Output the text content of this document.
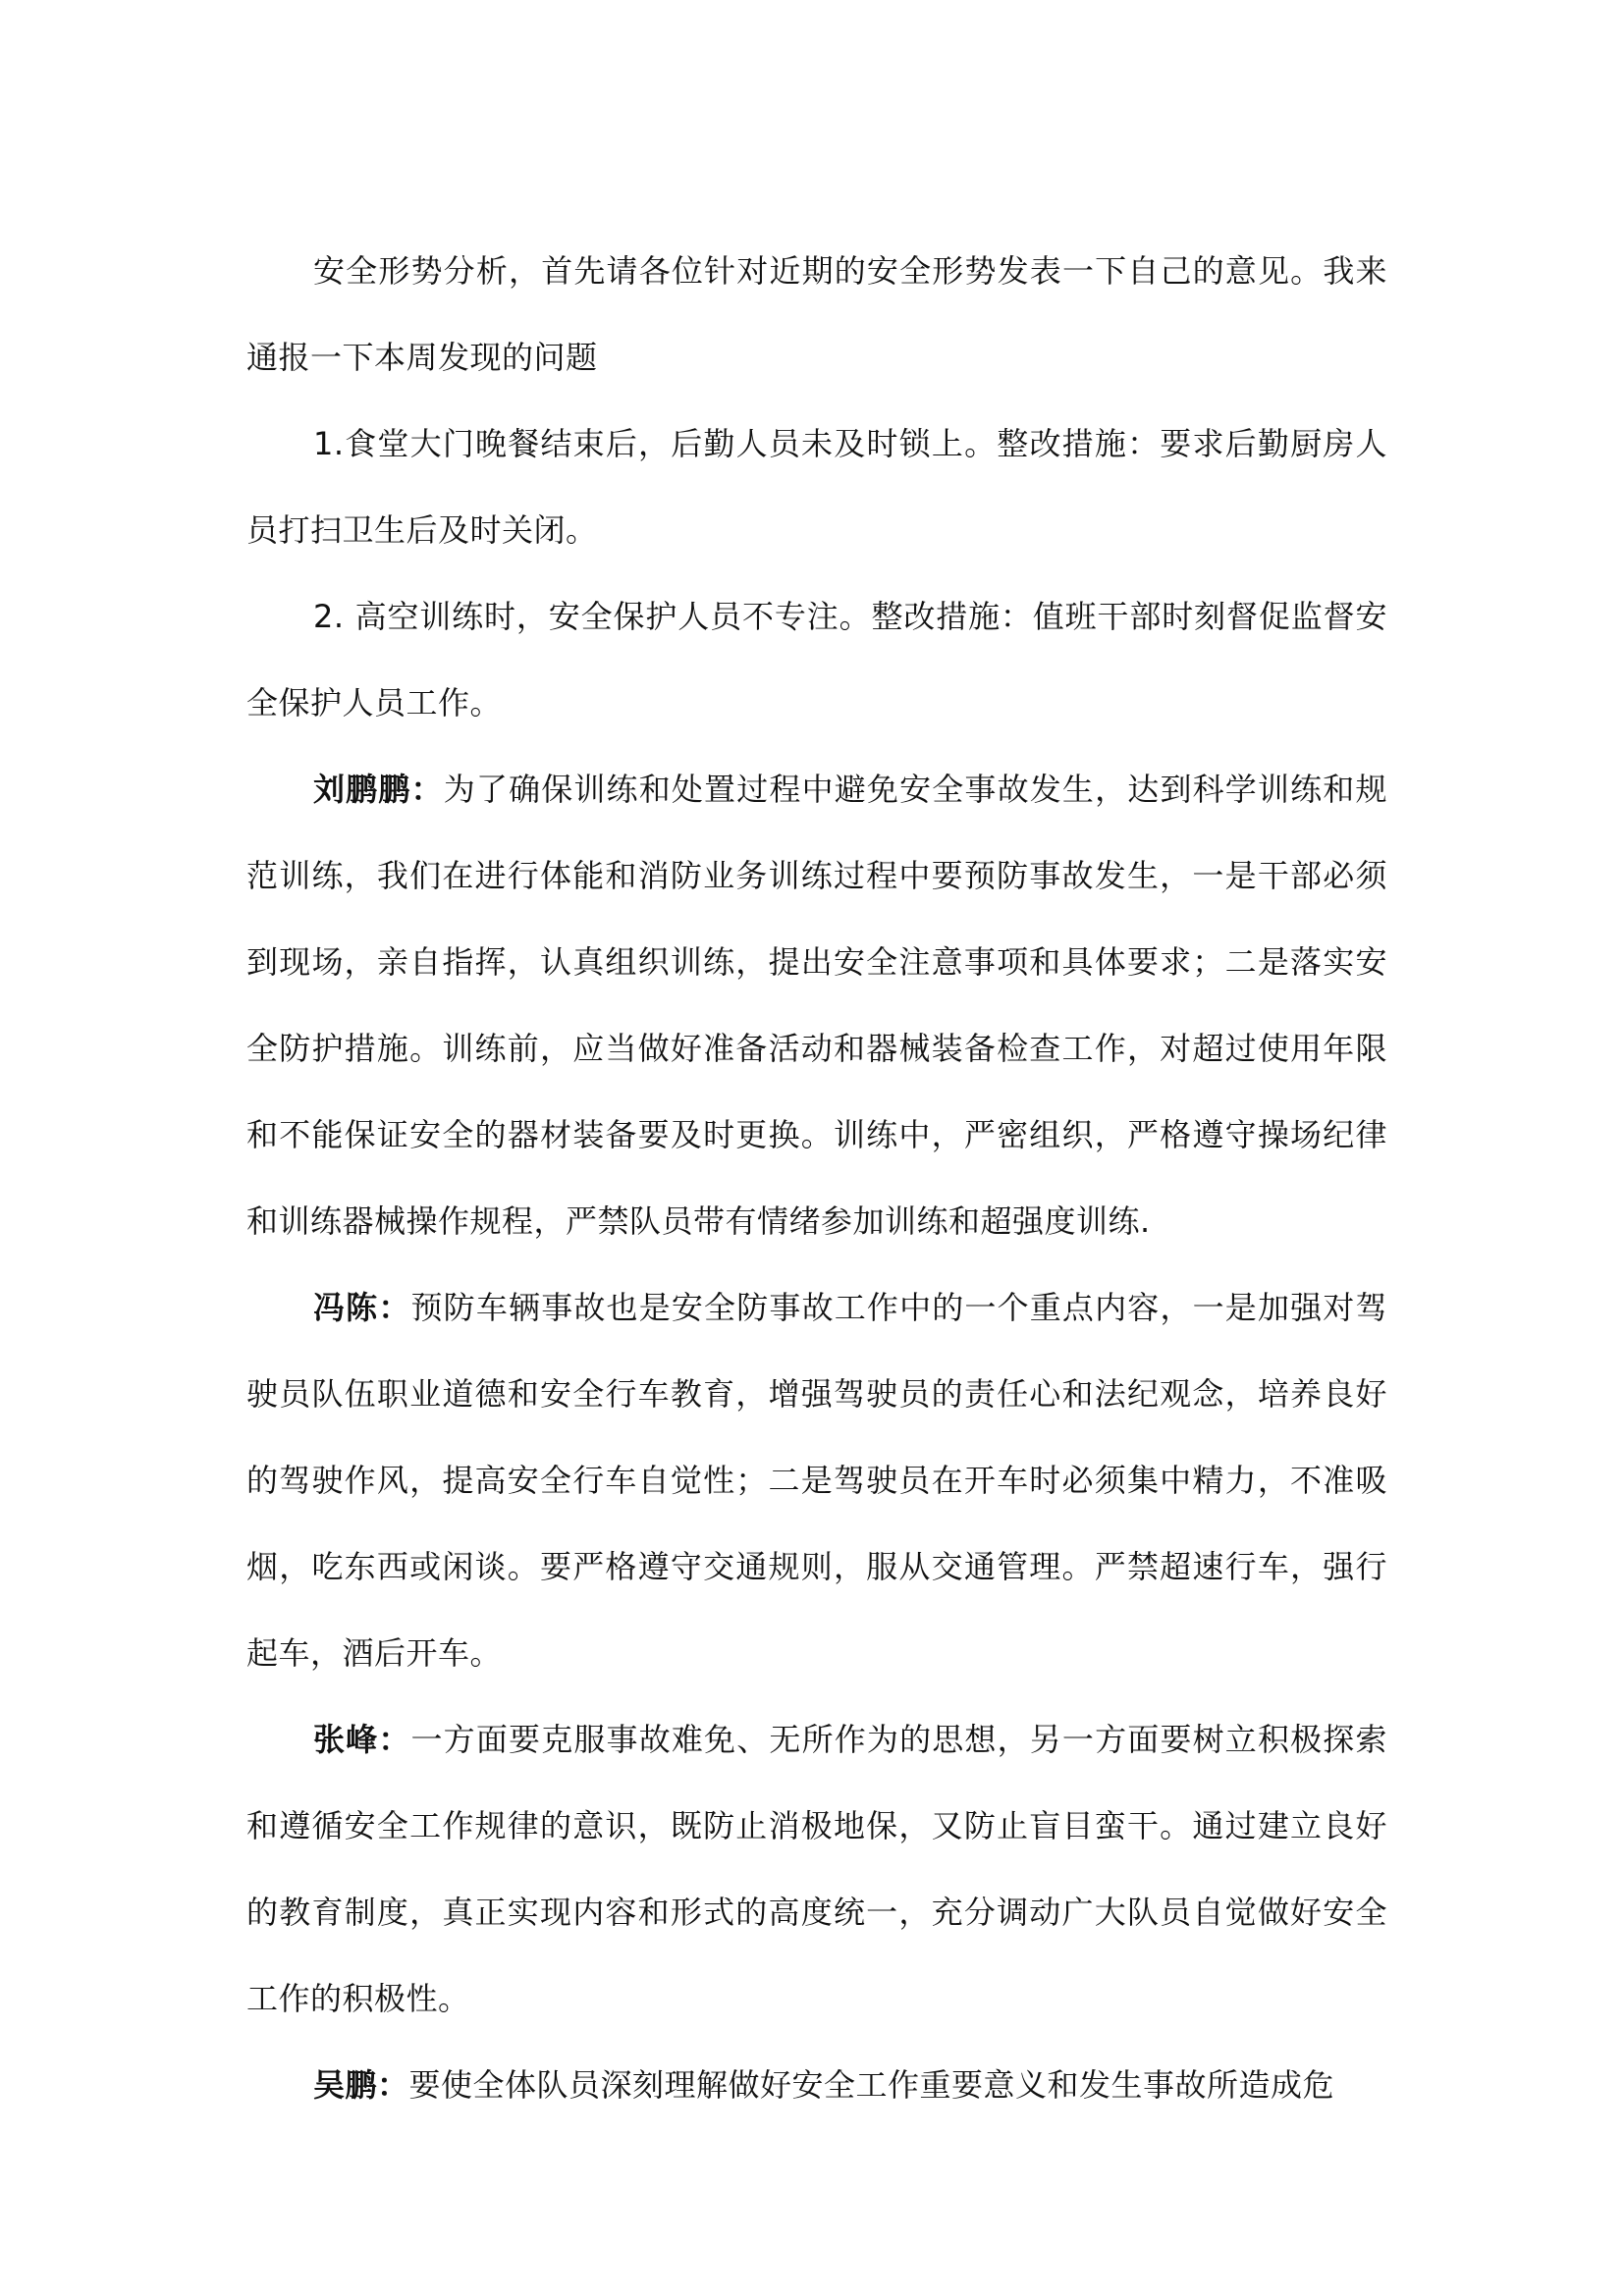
安全形势分析，首先请各位针对近期的安全形势发表一下自己的意见。我来通报一下本周发现的问题

1.食堂大门晚餐结束后，后勤人员未及时锁上。整改措施：要求后勤厨房人员打扫卫生后及时关闭。

2. 高空训练时，安全保护人员不专注。整改措施：值班干部时刻督促监督安全保护人员工作。

刘鹏鹏：为了确保训练和处置过程中避免安全事故发生，达到科学训练和规范训练，我们在进行体能和消防业务训练过程中要预防事故发生，一是干部必须到现场，亲自指挥，认真组织训练，提出安全注意事项和具体要求；二是落实安全防护措施。训练前，应当做好准备活动和器械装备检查工作，对超过使用年限和不能保证安全的器材装备要及时更换。训练中，严密组织，严格遵守操场纪律和训练器械操作规程，严禁队员带有情绪参加训练和超强度训练.

冯陈：预防车辆事故也是安全防事故工作中的一个重点内容，一是加强对驾驶员队伍职业道德和安全行车教育，增强驾驶员的责任心和法纪观念，培养良好的驾驶作风，提高安全行车自觉性；二是驾驶员在开车时必须集中精力，不准吸烟，吃东西或闲谈。要严格遵守交通规则，服从交通管理。严禁超速行车，强行起车，酒后开车。

张峰：一方面要克服事故难免、无所作为的思想，另一方面要树立积极探索和遵循安全工作规律的意识，既防止消极地保，又防止盲目蛮干。通过建立良好的教育制度，真正实现内容和形式的高度统一，充分调动广大队员自觉做好安全工作的积极性。

吴鹏：要使全体队员深刻理解做好安全工作重要意义和发生事故所造成危
